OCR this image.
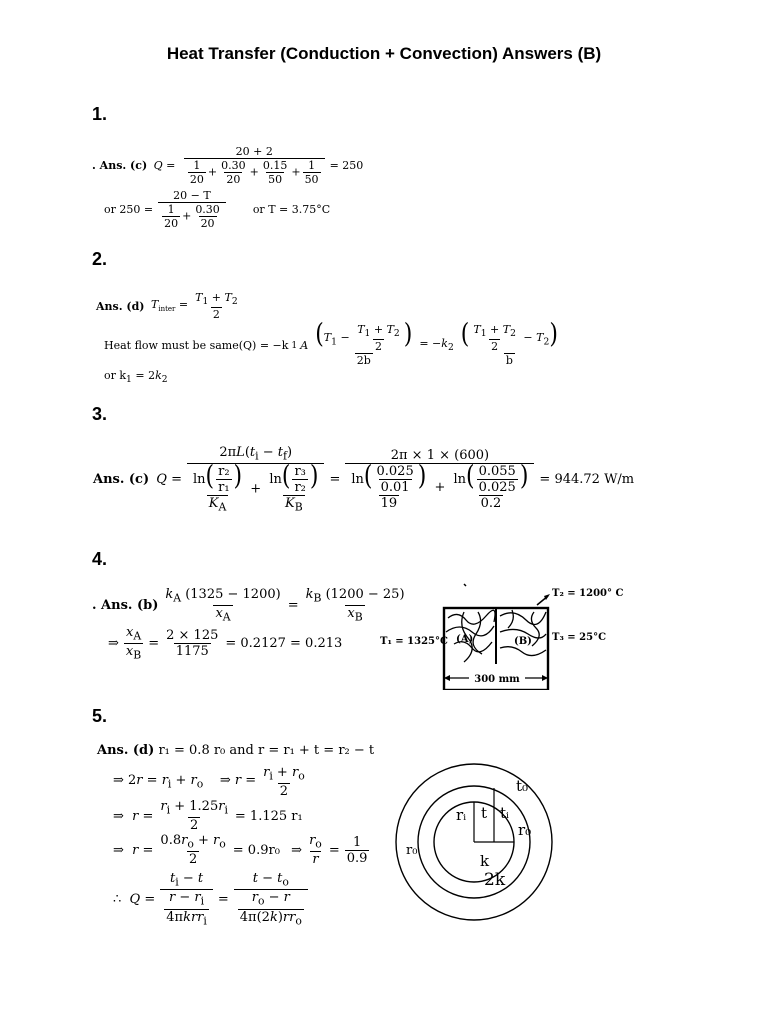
Heat Transfer (Conduction + Convection) Answers (B)
1.
. Ans. (c) $Q = \frac{20 + 2}{\frac{1}{20} + \frac{0.30}{20} + \frac{0.15}{50} + \frac{1}{50}} = 250$
or $250 = \frac{20 - T}{\frac{1}{20} + \frac{0.30}{20}}$ or T = 3.75°C
2.
Ans. (d) $T_{inter} = \frac{T_1 + T_2}{2}$
Heat flow must be same(Q) = −k 1 A $\frac{(T_1 - \frac{T_1 + T_2}{2} )}{2b} = -k_2 \frac{( \frac{T_1 + T_2}{2} - T_2)}{b}$
or $k_1 = 2k_2$
3.
Ans. (c) $Q = \frac{2\pi L(t_i - t_f)}{\frac{\ln( \frac{\text{r₂}}{\text{r₁}} )}{K_A} + \frac{\ln( \frac{\text{r₃}}{\text{r₂}} )}{K_B}} = \frac{2\pi \times 1 \times (600)}{\frac{\ln( \frac{0.025}{0.01} )}{19} + \frac{\ln( \frac{0.055}{0.025} )}{0.2}} = 944.72$ W/m
4.
. Ans. $(b) \frac{k_A (1325 - 1200)}{x_A} = \frac{k_B (1200 - 25)}{x_B}$
⇒ $\frac{x_A}{x_B} = \frac{2 \times 125}{1175} = 0.2127 = 0.213$
T₂ = 1200° C
T₁ = 1325°C	T₃ = 25°C
(A)	(B)
300 mm
5.
Ans. (d) r₁ = 0.8 r₀ and r = r₁ + t = r₂ − t
⇒ $2r = r_i + r_o$    ⇒ $r = \frac{r_i + r_o}{2}$
⇒  $r = \frac{r_i + 1.25r_i}{2} = 1.125$ r₁
⇒  $r = \frac{0.8r_o + r_o}{2} = 0.9r_0$ ⇒ $\frac{r_o}{r} = \frac{1}{0.9}$
∴  $Q = \frac{t_i - t}{\frac{r - r_i}{4\pi krr_i}} = \frac{t - t_o}{\frac{r_o - r}{4\pi(2k)rr_o}}$
rᵢ t tᵢ
t₀
r₀
r₀
k
2k
